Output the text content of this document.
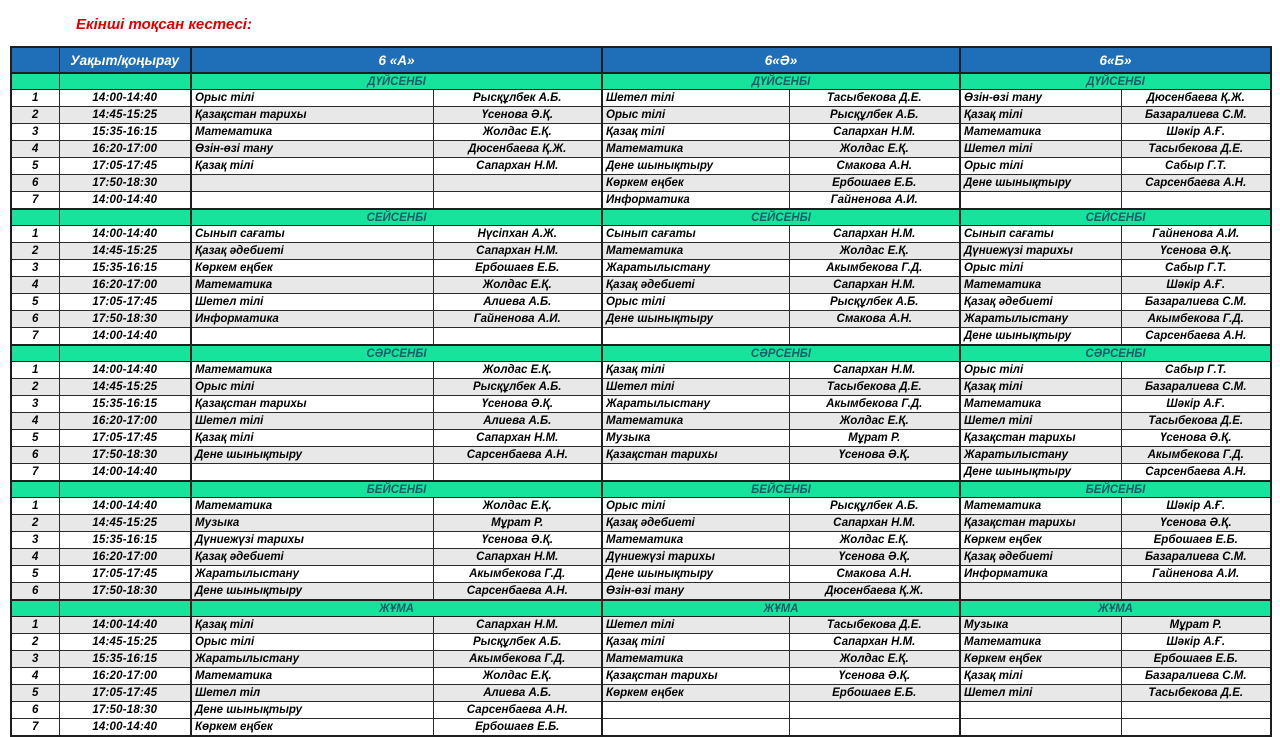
Екінші тоқсан кестесі:
	Уақыт/қоңырау	6 «А»		6«Ә»		6«Б»	
		ДҮЙСЕНБІ		ДҮЙСЕНБІ		ДҮЙСЕНБІ	
1	14:00-14:40	Орыс тілі	Рысқұлбек А.Б.	Шетел тілі	Тасыбекова Д.Е.	Өзін-өзі тану	Дюсенбаева Қ.Ж.
2	14:45-15:25	Қазақстан тарихы	Үсенова Ә.Қ.	Орыс тілі	Рысқұлбек А.Б.	Қазақ тілі	Базаралиева С.М.
3	15:35-16:15	Математика	Жолдас Е.Қ.	Қазақ тілі	Сапархан Н.М.	Математика	Шәкір А.Ғ.
4	16:20-17:00	Өзін-өзі тану	Дюсенбаева Қ.Ж.	Математика	Жолдас Е.Қ.	Шетел тілі	Тасыбекова Д.Е.
5	17:05-17:45	Қазақ тілі	Сапархан Н.М.	Дене шынықтыру	Смакова А.Н.	Орыс тілі	Сабыр Г.Т.
6	17:50-18:30			Көркем еңбек	Ербошаев Е.Б.	Дене шынықтыру	Сарсенбаева А.Н.
7	14:00-14:40			Информатика	Гайненова А.И.		
		СЕЙСЕНБІ		СЕЙСЕНБІ		СЕЙСЕНБІ	
1	14:00-14:40	Сынып сағаты	Нүсіпхан А.Ж.	Сынып сағаты	Сапархан Н.М.	Сынып сағаты	Гайненова А.И.
2	14:45-15:25	Қазақ әдебиеті	Сапархан Н.М.	Математика	Жолдас Е.Қ.	Дүниежүзі тарихы	Үсенова Ә.Қ.
3	15:35-16:15	Көркем еңбек	Ербошаев Е.Б.	Жаратылыстану	Акымбекова Г.Д.	Орыс тілі	Сабыр Г.Т.
4	16:20-17:00	Математика	Жолдас Е.Қ.	Қазақ әдебиеті	Сапархан Н.М.	Математика	Шәкір А.Ғ.
5	17:05-17:45	Шетел тілі	Алиева А.Б.	Орыс тілі	Рысқұлбек А.Б.	Қазақ әдебиеті	Базаралиева С.М.
6	17:50-18:30	Информатика	Гайненова А.И.	Дене шынықтыру	Смакова А.Н.	Жаратылыстану	Акымбекова Г.Д.
7	14:00-14:40					Дене шынықтыру	Сарсенбаева А.Н.
		СӘРСЕНБІ		СӘРСЕНБІ		СӘРСЕНБІ	
1	14:00-14:40	Математика	Жолдас Е.Қ.	Қазақ тілі	Сапархан Н.М.	Орыс тілі	Сабыр Г.Т.
2	14:45-15:25	Орыс тілі	Рысқұлбек А.Б.	Шетел тілі	Тасыбекова Д.Е.	Қазақ тілі	Базаралиева С.М.
3	15:35-16:15	Қазақстан тарихы	Үсенова Ә.Қ.	Жаратылыстану	Акымбекова Г.Д.	Математика	Шәкір А.Ғ.
4	16:20-17:00	Шетел тілі	Алиева А.Б.	Математика	Жолдас Е.Қ.	Шетел тілі	Тасыбекова Д.Е.
5	17:05-17:45	Қазақ тілі	Сапархан Н.М.	Музыка	Мұрат Р.	Қазақстан тарихы	Үсенова Ә.Қ.
6	17:50-18:30	Дене шынықтыру	Сарсенбаева А.Н.	Қазақстан тарихы	Үсенова Ә.Қ.	Жаратылыстану	Акымбекова Г.Д.
7	14:00-14:40					Дене шынықтыру	Сарсенбаева А.Н.
		БЕЙСЕНБІ		БЕЙСЕНБІ		БЕЙСЕНБІ	
1	14:00-14:40	Математика	Жолдас Е.Қ.	Орыс тілі	Рысқұлбек А.Б.	Математика	Шәкір А.Ғ.
2	14:45-15:25	Музыка	Мұрат Р.	Қазақ әдебиеті	Сапархан Н.М.	Қазақстан тарихы	Үсенова Ә.Қ.
3	15:35-16:15	Дүниежүзі тарихы	Үсенова Ә.Қ.	Математика	Жолдас Е.Қ.	Көркем еңбек	Ербошаев Е.Б.
4	16:20-17:00	Қазақ әдебиеті	Сапархан Н.М.	Дүниежүзі тарихы	Үсенова Ә.Қ.	Қазақ әдебиеті	Базаралиева С.М.
5	17:05-17:45	Жаратылыстану	Акымбекова Г.Д.	Дене шынықтыру	Смакова А.Н.	Информатика	Гайненова А.И.
6	17:50-18:30	Дене шынықтыру	Сарсенбаева А.Н.	Өзін-өзі тану	Дюсенбаева Қ.Ж.		
		ЖҰМА		ЖҰМА		ЖҰМА	
1	14:00-14:40	Қазақ тілі	Сапархан Н.М.	Шетел тілі	Тасыбекова Д.Е.	Музыка	Мұрат Р.
2	14:45-15:25	Орыс тілі	Рысқұлбек А.Б.	Қазақ тілі	Сапархан Н.М.	Математика	Шәкір А.Ғ.
3	15:35-16:15	Жаратылыстану	Акымбекова Г.Д.	Математика	Жолдас Е.Қ.	Көркем еңбек	Ербошаев Е.Б.
4	16:20-17:00	Математика	Жолдас Е.Қ.	Қазақстан тарихы	Үсенова Ә.Қ.	Қазақ тілі	Базаралиева С.М.
5	17:05-17:45	Шетел тіл	Алиева А.Б.	Көркем еңбек	Ербошаев Е.Б.	Шетел тілі	Тасыбекова Д.Е.
6	17:50-18:30	Дене шынықтыру	Сарсенбаева А.Н.				
7	14:00-14:40	Көркем еңбек	Ербошаев Е.Б.				
